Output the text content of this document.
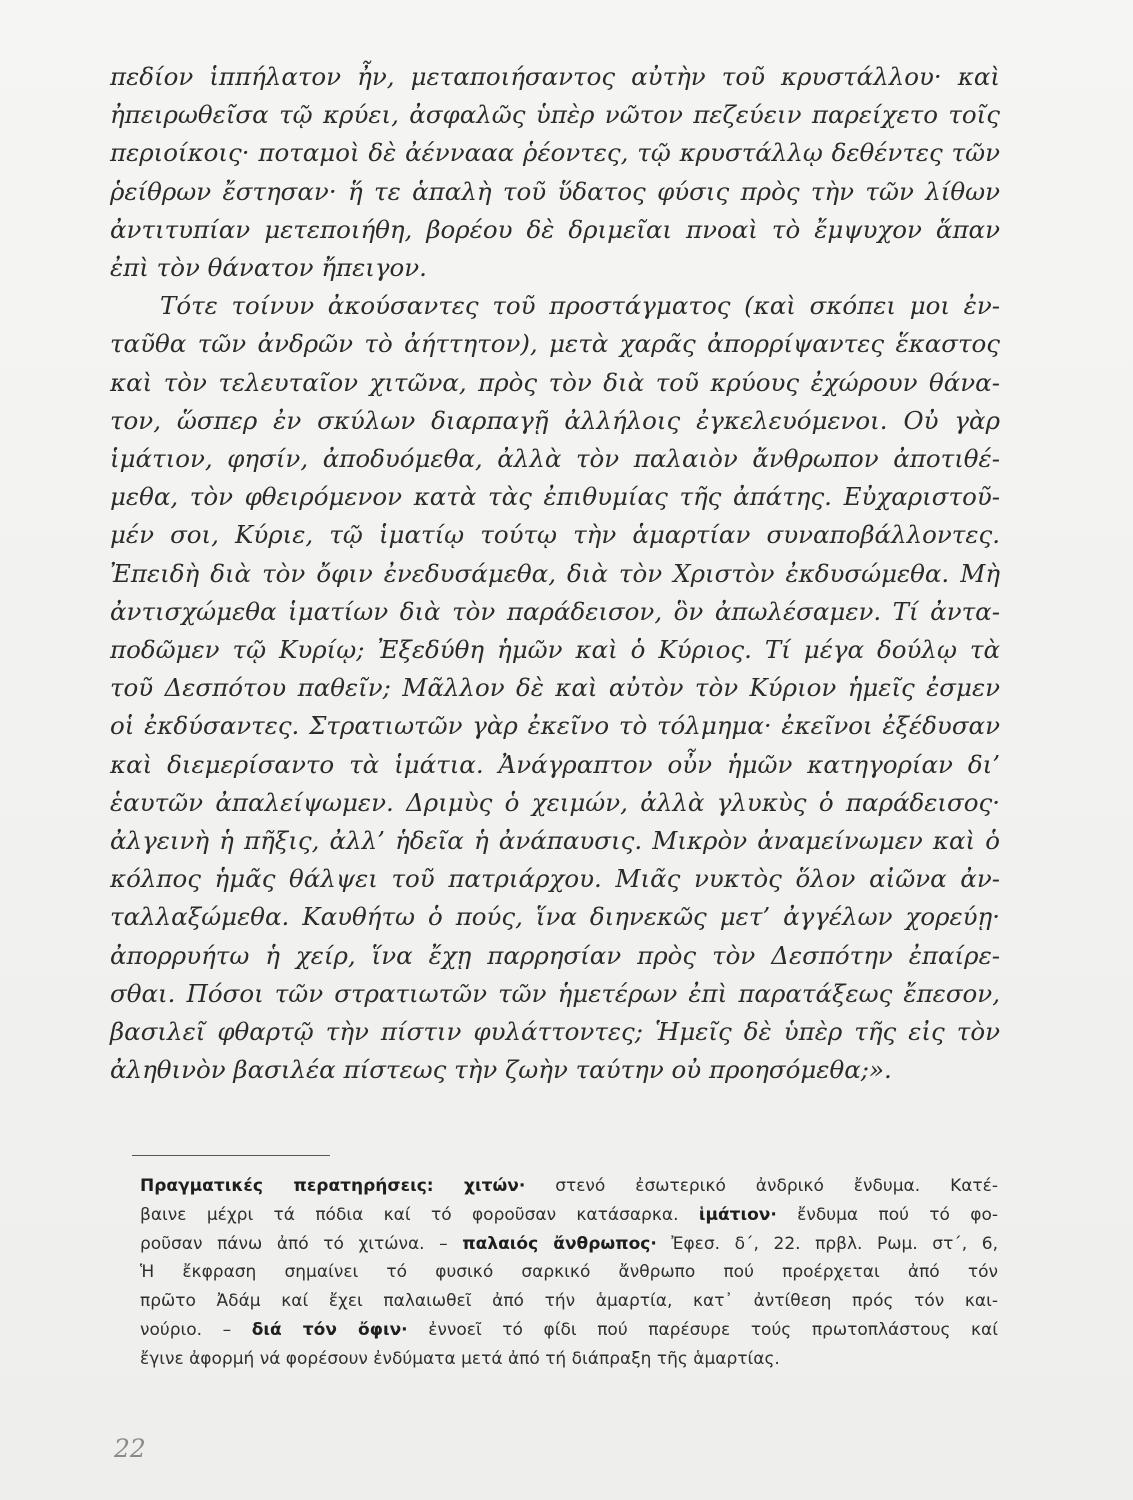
πεδίον ἱππήλατον ἦν, μεταποιήσαντος αὐτὴν τοῦ κρυστάλλου· καὶ
ἠπειρωθεῖσα τῷ κρύει, ἀσφαλῶς ὑπὲρ νῶτον πεζεύειν παρείχετο τοῖς
περιοίκοις· ποταμοὶ δὲ ἀέννααα ῥέοντες, τῷ κρυστάλλῳ δεθέντες τῶν
ῥείθρων ἔστησαν· ἥ τε ἁπαλὴ τοῦ ὕδατος φύσις πρὸς τὴν τῶν λίθων
ἀντιτυπίαν μετεποιήθη, βορέου δὲ δριμεῖαι πνοαὶ τὸ ἔμψυχον ἅπαν
ἐπὶ τὸν θάνατον ἤπειγον.
Τότε τοίνυν ἀκούσαντες τοῦ προστάγματος (καὶ σκόπει μοι ἐν-
ταῦθα τῶν ἀνδρῶν τὸ ἀήττητον), μετὰ χαρᾶς ἀπορρίψαντες ἕκαστος
καὶ τὸν τελευταῖον χιτῶνα, πρὸς τὸν διὰ τοῦ κρύους ἐχώρουν θάνα-
τον, ὥσπερ ἐν σκύλων διαρπαγῇ ἀλλήλοις ἐγκελευόμενοι. Οὐ γὰρ
ἱμάτιον, φησίν, ἀποδυόμεθα, ἀλλὰ τὸν παλαιὸν ἄνθρωπον ἀποτιθέ-
μεθα, τὸν φθειρόμενον κατὰ τὰς ἐπιθυμίας τῆς ἀπάτης. Εὐχαριστοῦ-
μέν σοι, Κύριε, τῷ ἱματίῳ τούτῳ τὴν ἁμαρτίαν συναποβάλλοντες.
Ἐπειδὴ διὰ τὸν ὄφιν ἐνεδυσάμεθα, διὰ τὸν Χριστὸν ἐκδυσώμεθα. Μὴ
ἀντισχώμεθα ἱματίων διὰ τὸν παράδεισον, ὃν ἀπωλέσαμεν. Τί ἀντα-
ποδῶμεν τῷ Κυρίῳ; Ἐξεδύθη ἡμῶν καὶ ὁ Κύριος. Τί μέγα δούλῳ τὰ
τοῦ Δεσπότου παθεῖν; Μᾶλλον δὲ καὶ αὐτὸν τὸν Κύριον ἡμεῖς ἐσμεν
οἱ ἐκδύσαντες. Στρατιωτῶν γὰρ ἐκεῖνο τὸ τόλμημα· ἐκεῖνοι ἐξέδυσαν
καὶ διεμερίσαντο τὰ ἱμάτια. Ἀνάγραπτον οὖν ἡμῶν κατηγορίαν δι’
ἑαυτῶν ἀπαλείψωμεν. Δριμὺς ὁ χειμών, ἀλλὰ γλυκὺς ὁ παράδεισος·
ἀλγεινὴ ἡ πῆξις, ἀλλ’ ἡδεῖα ἡ ἀνάπαυσις. Μικρὸν ἀναμείνωμεν καὶ ὁ
κόλπος ἡμᾶς θάλψει τοῦ πατριάρχου. Μιᾶς νυκτὸς ὅλον αἰῶνα ἀν-
ταλλαξώμεθα. Καυθήτω ὁ πούς, ἵνα διηνεκῶς μετ’ ἀγγέλων χορεύῃ·
ἀπορρυήτω ἡ χείρ, ἵνα ἔχῃ παρρησίαν πρὸς τὸν Δεσπότην ἐπαίρε-
σθαι. Πόσοι τῶν στρατιωτῶν τῶν ἡμετέρων ἐπὶ παρατάξεως ἔπεσον,
βασιλεῖ φθαρτῷ τὴν πίστιν φυλάττοντες; Ἡμεῖς δὲ ὑπὲρ τῆς εἰς τὸν
ἀληθινὸν βασιλέα πίστεως τὴν ζωὴν ταύτην οὐ προησόμεθα;».
Πραγματικές περατηρήσεις: χιτών· στενό ἐσωτερικό ἀνδρικό ἔνδυμα. Κατέ-
βαινε μέχρι τά πόδια καί τό φοροῦσαν κατάσαρκα. ἱμάτιον· ἔνδυμα πού τό φο-
ροῦσαν πάνω ἀπό τό χιτώνα. – παλαιός ἄνθρωπος· Ἐφεσ. δ΄, 22. πρβλ. Ρωμ. στ΄, 6,
Ἡ ἔκφραση σημαίνει τό φυσικό σαρκικό ἄνθρωπο πού προέρχεται ἀπό τόν
πρῶτο Ἀδάμ καί ἔχει παλαιωθεῖ ἀπό τήν ἁμαρτία, κατ᾽ ἀντίθεση πρός τόν και-
νούριο. – διά τόν ὄφιν· ἐννοεῖ τό φίδι πού παρέσυρε τούς πρωτοπλάστους καί
ἔγινε ἀφορμή νά φορέσουν ἐνδύματα μετά ἀπό τή διάπραξη τῆς ἁμαρτίας.
22
